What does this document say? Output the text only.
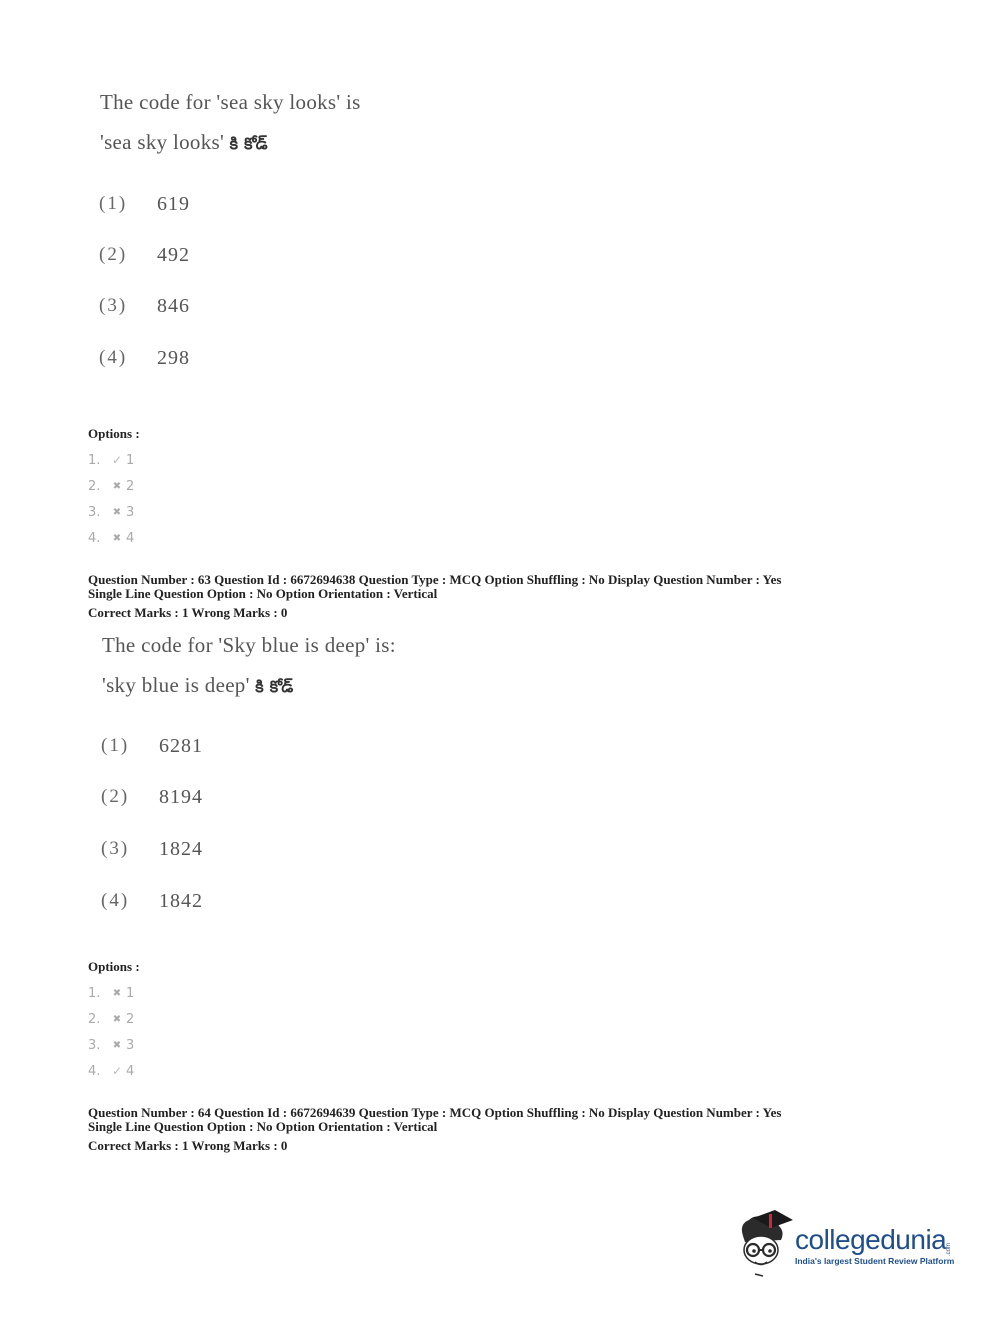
The code for 'sea sky looks' is
'sea sky looks' కి కోడ్
(1) 619
(2) 492
(3) 846
(4) 298
Options :
1. ✓ 1
2.	✖ 2
3.	✖ 3
4.	✖ 4
Question Number : 63 Question Id : 6672694638 Question Type : MCQ Option Shuffling : No Display Question Number : Yes
Single Line Question Option : No Option Orientation : Vertical
Correct Marks : 1 Wrong Marks : 0
The code for 'Sky blue is deep' is:
'sky blue is deep' కి కోడ్
(1) 6281
(2) 8194
(3) 1824
(4) 1842
Options :
1.	✖ 1
2.	✖ 2
3.	✖ 3
4. ✓ 4
Question Number : 64 Question Id : 6672694639 Question Type : MCQ Option Shuffling : No Display Question Number : Yes
Single Line Question Option : No Option Orientation : Vertical
Correct Marks : 1 Wrong Marks : 0
collegedunia .com
India's largest Student Review Platform
